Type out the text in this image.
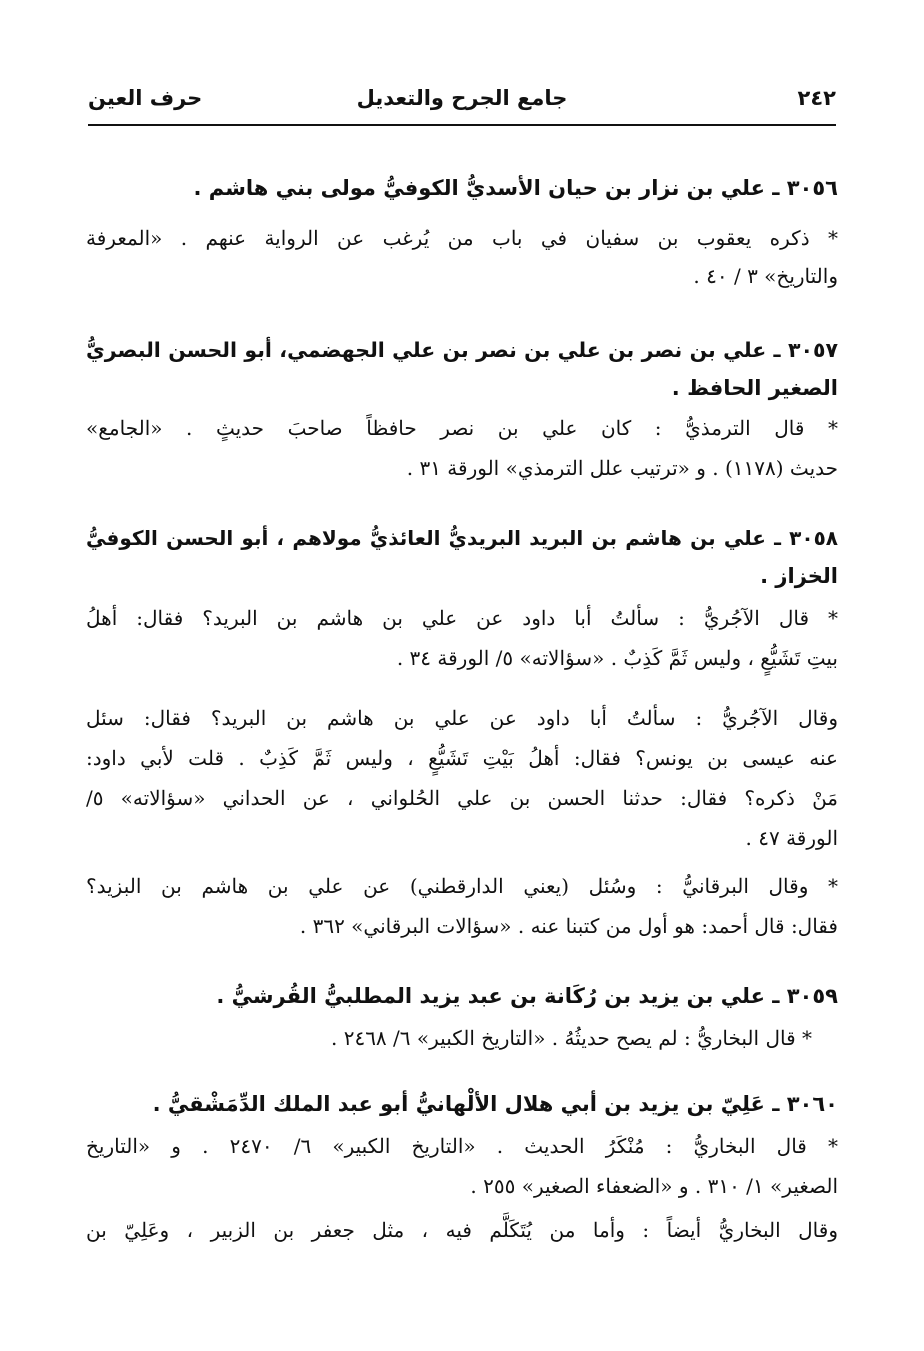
٢٤٢
جامع الجرح والتعديل
حرف العين
٣٠٥٦ ـ علي بن نزار بن حيان الأسديُّ الكوفيُّ مولى بني هاشم .
* ذكره يعقوب بن سفيان في باب من يُرغب عن الرواية عنهم . «المعرفة
والتاريخ» ٣ / ٤٠ .
٣٠٥٧ ـ علي بن نصر بن علي بن نصر بن علي الجهضمي، أبو الحسن البصريُّ
الصغير الحافظ .
* قال الترمذيُّ : كان علي بن نصر حافظاً صاحبَ حديثٍ . «الجامع»
حديث (١١٧٨) . و «ترتيب علل الترمذي» الورقة ٣١ .
٣٠٥٨ ـ علي بن هاشم بن البريد البريديُّ العائذيُّ مولاهم ، أبو الحسن الكوفيُّ
الخزاز .
* قال الآجُريُّ : سألتُ أبا داود عن علي بن هاشم بن البريد؟ فقال: أهلُ
بيتِ تَشَيُّعٍ ، وليس ثَمَّ كَذِبٌ . «سؤالاته» ٥/ الورقة ٣٤ .
وقال الآجُريُّ : سألتُ أبا داود عن علي بن هاشم بن البريد؟ فقال: سئل
عنه عيسى بن يونس؟ فقال: أهلُ بَيْتِ تَشَيُّعٍ ، وليس ثَمَّ كَذِبٌ . قلت لأبي داود:
مَنْ ذكره؟ فقال: حدثنا الحسن بن علي الحُلواني ، عن الحداني «سؤالاته» ٥/
الورقة ٤٧ .
* وقال البرقانيُّ : وسُئل (يعني الدارقطني) عن علي بن هاشم بن البزيد؟
فقال: قال أحمد: هو أول من كتبنا عنه . «سؤالات البرقاني» ٣٦٢ .
٣٠٥٩ ـ علي بن يزيد بن رُكَانة بن عبد يزيد المطلبيُّ القُرشيُّ .
* قال البخاريُّ : لم يصح حديثُهُ . «التاريخ الكبير» ٦/ ٢٤٦٨ .
٣٠٦٠ ـ عَلِيّ بن يزيد بن أبي هلال الألْهانيُّ أبو عبد الملك الدِّمَشْقيُّ .
* قال البخاريُّ : مُنْكَرُ الحديث . «التاريخ الكبير» ٦/ ٢٤٧٠ . و «التاريخ
الصغير» ١/ ٣١٠ . و «الضعفاء الصغير» ٢٥٥ .
وقال البخاريُّ أيضاً : وأما من يُتَكَلَّم فيه ، مثل جعفر بن الزبير ، وعَلِيّ بن
